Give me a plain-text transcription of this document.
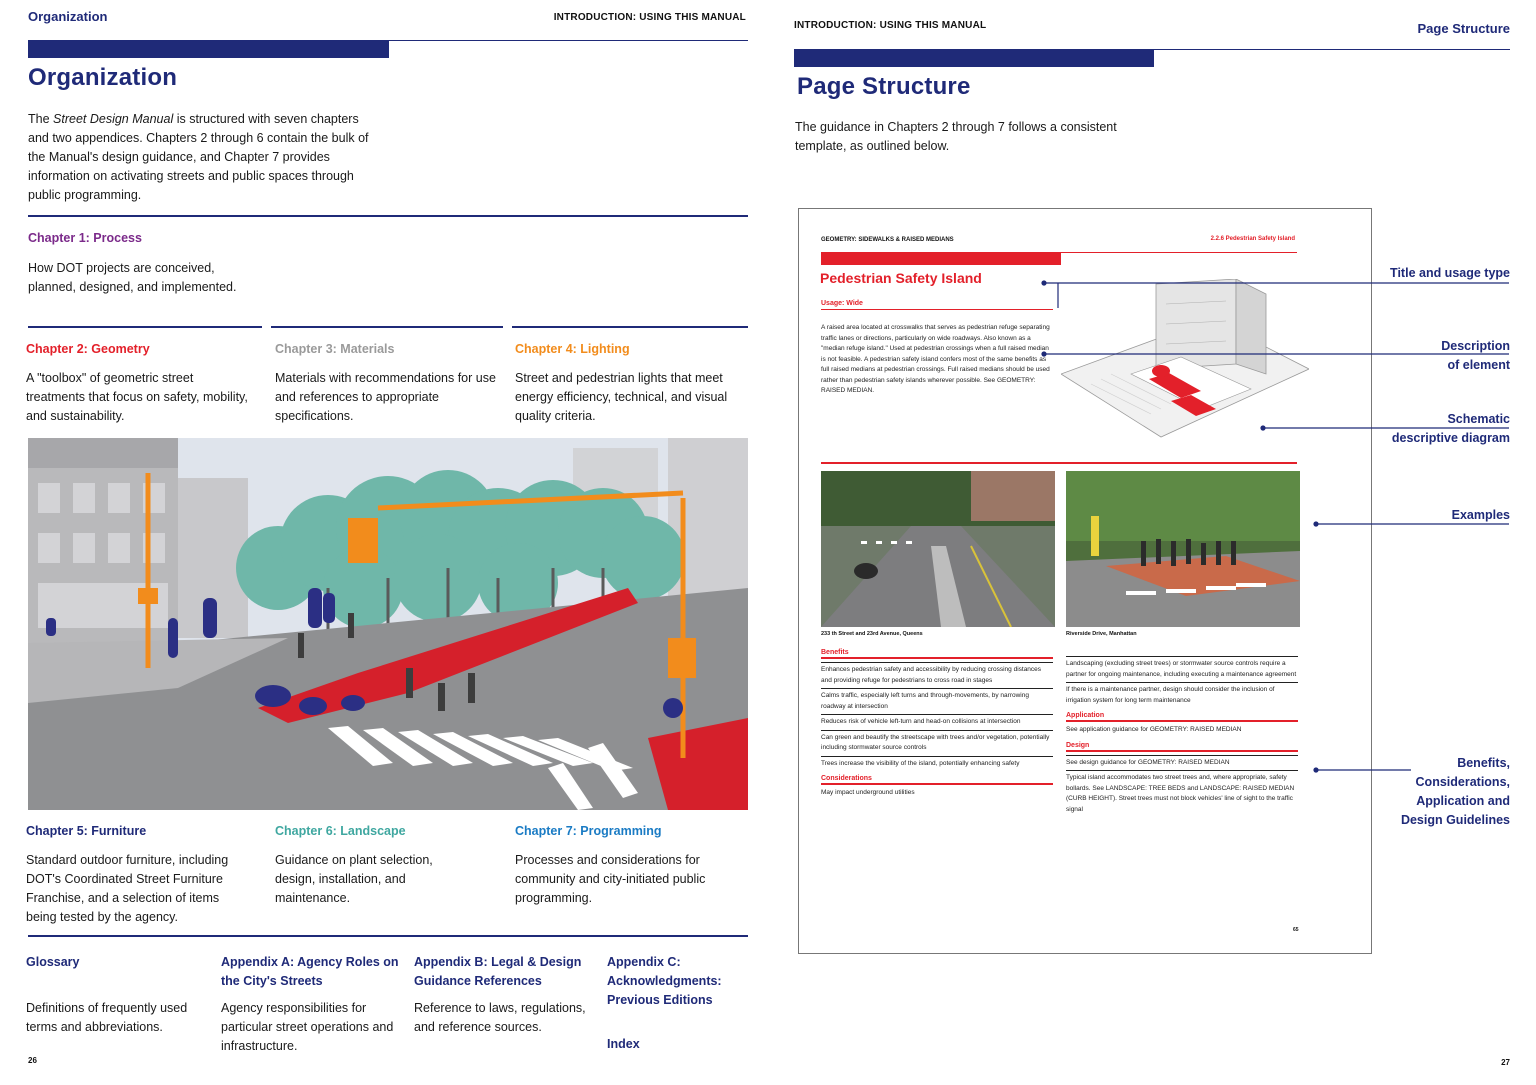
Organization	INTRODUCTION: USING THIS MANUAL
Organization
The Street Design Manual is structured with seven chapters and two appendices. Chapters 2 through 6 contain the bulk of the Manual's design guidance, and Chapter 7 provides information on activating streets and public spaces through public programming.
Chapter 1: Process
How DOT projects are conceived, planned, designed, and implemented.
Chapter 2: Geometry
A "toolbox" of geometric street treatments that focus on safety, mobility, and sustainability.
Chapter 3: Materials
Materials with recommendations for use and references to appropriate specifications.
Chapter 4: Lighting
Street and pedestrian lights that meet energy efficiency, technical, and visual quality criteria.
Chapter 5: Furniture
Standard outdoor furniture, including DOT's Coordinated Street Furniture Franchise, and a selection of items being tested by the agency.
Chapter 6: Landscape
Guidance on plant selection, design, installation, and maintenance.
Chapter 7: Programming
Processes and considerations for community and city-initiated public programming.
Glossary
Definitions of frequently used terms and abbreviations.
Appendix A: Agency Roles on the City's Streets
Agency responsibilities for particular street operations and infrastructure.
Appendix B: Legal & Design Guidance References
Reference to laws, regulations, and reference sources.
Appendix C: Acknowledgments: Previous Editions
Index
26
INTRODUCTION: USING THIS MANUAL	Page Structure
Page Structure
The guidance in Chapters 2 through 7 follows a consistent template, as outlined below.
GEOMETRY: SIDEWALKS & RAISED MEDIANS	2.2.6 Pedestrian Safety Island
Pedestrian Safety Island
Usage: Wide
A raised area located at crosswalks that serves as pedestrian refuge separating traffic lanes or directions, particularly on wide roadways. Also known as a "median refuge island." Used at pedestrian crossings when a full raised median is not feasible. A pedestrian safety island confers most of the same benefits as full raised medians at pedestrian crossings. Full raised medians should be used rather than pedestrian safety islands wherever possible. See GEOMETRY: RAISED MEDIAN.
233 th Street and 23rd Avenue, Queens	Riverside Drive, Manhattan
Benefits
Enhances pedestrian safety and accessibility by reducing crossing distances and providing refuge for pedestrians to cross road in stages
Calms traffic, especially left turns and through-movements, by narrowing roadway at intersection
Reduces risk of vehicle left-turn and head-on collisions at intersection
Can green and beautify the streetscape with trees and/or vegetation, potentially including stormwater source controls
Trees increase the visibility of the island, potentially enhancing safety
Considerations
May impact underground utilities
Landscaping (excluding street trees) or stormwater source controls require a partner for ongoing maintenance, including executing a maintenance agreement
If there is a maintenance partner, design should consider the inclusion of irrigation system for long term maintenance
Application
See application guidance for GEOMETRY: RAISED MEDIAN
Design
See design guidance for GEOMETRY: RAISED MEDIAN
Typical island accommodates two street trees and, where appropriate, safety bollards. See LANDSCAPE: TREE BEDS and LANDSCAPE: RAISED MEDIAN (CURB HEIGHT). Street trees must not block vehicles' line of sight to the traffic signal
65
Title and usage type
Description
of element
Schematic
descriptive diagram
Examples
Benefits,
Considerations,
Application and
Design Guidelines
27
